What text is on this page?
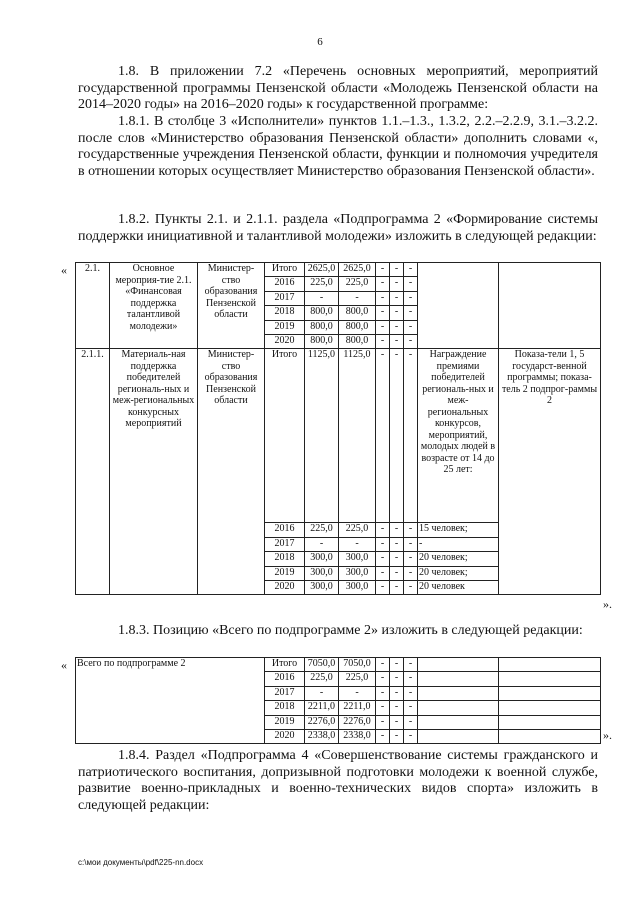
6

1.8. В приложении 7.2 «Перечень основных мероприятий, мероприятий государственной программы Пензенской области «Молодежь Пензенской области на 2014–2020 годы» на 2016–2020 годы» к государственной программе:

1.8.1. В столбце 3 «Исполнители» пунктов 1.1.–1.3., 1.3.2, 2.2.–2.2.9, 3.1.–3.2.2. после слов «Министерство образования Пензенской области» дополнить словами «, государственные учреждения Пензенской области, функции и полномочия учредителя в отношении которых осуществляет Министерство образования Пензенской области».

1.8.2. Пункты 2.1. и 2.1.1. раздела «Подпрограмма 2 «Формирование системы поддержки инициативной и талантливой молодежи» изложить в следующей редакции:

« 2.1.	Основное мероприя-тие 2.1. «Финансовая поддержка талантливой молодежи»	Министер-ство образования Пензенской области	Итого	2625,0	2625,0	-	-	-		
			2016	225,0	225,0	-	-	-		
			2017	-	-	-	-	-		
			2018	800,0	800,0	-	-	-		
			2019	800,0	800,0	-	-	-		
			2020	800,0	800,0	-	-	-		
2.1.1.	Материаль-ная поддержка победителей региональ-ных и меж-региональных конкурсных мероприятий	Министер-ство образования Пензенской области	Итого	1125,0	1125,0	-	-	-	Награждение премиями победителей региональ-ных и меж-региональных конкурсов, мероприятий, молодых людей в возрасте от 14 до 25 лет:	Показа-тели 1, 5 государст-венной программы; показа-тель 2 подпрог-раммы 2
			2016	225,0	225,0	-	-	-	15 человек;	
			2017	-	-	-	-	-	-	
			2018	300,0	300,0	-	-	-	20 человек;	
			2019	300,0	300,0	-	-	-	20 человек;	
			2020	300,0	300,0	-	-	-	20 человек	
».

1.8.3. Позицию «Всего по подпрограмме 2» изложить в следующей редакции:

« Всего по подпрограмме 2	Итого	7050,0	7050,0	-	-	-		
	2016	225,0	225,0	-	-	-		
	2017	-	-	-	-	-		
	2018	2211,0	2211,0	-	-	-		
	2019	2276,0	2276,0	-	-	-		
	2020	2338,0	2338,0	-	-	-			».

1.8.4. Раздел «Подпрограмма 4 «Совершенствование системы гражданского и патриотического воспитания, допризывной подготовки молодежи к военной службе, развитие военно-прикладных и военно-технических видов спорта» изложить в следующей редакции:

c:\мои документы\pdf\225-nn.docx
